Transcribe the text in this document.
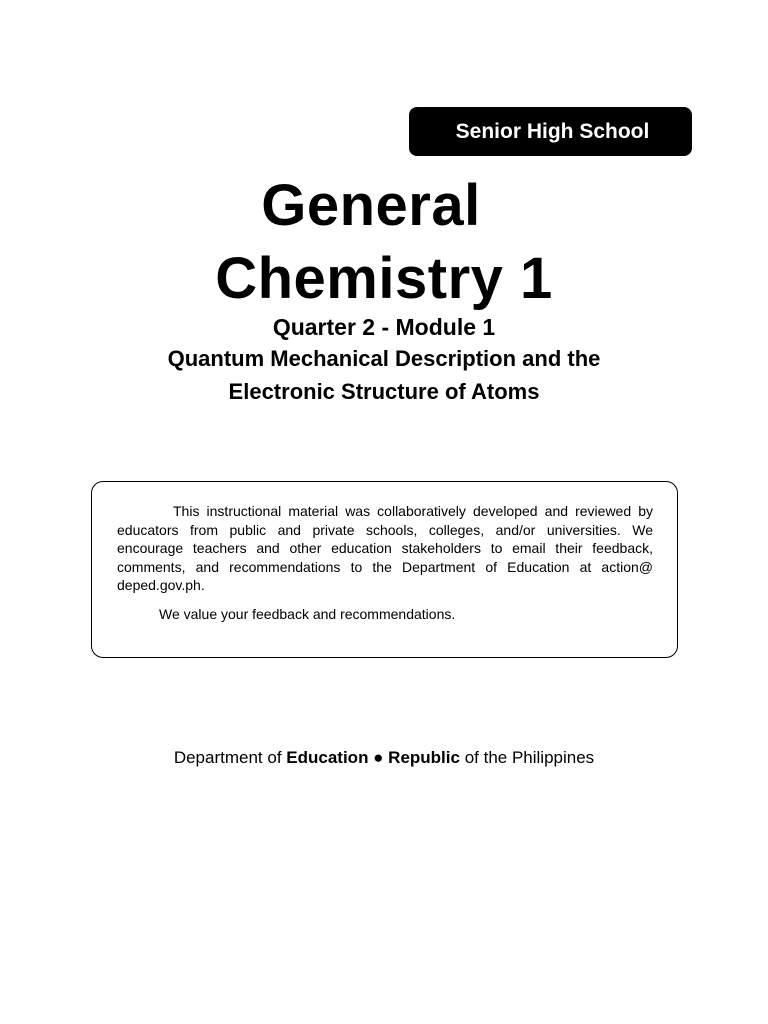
Senior High School
General
Chemistry 1
Quarter 2 - Module 1
Quantum Mechanical Description and the
Electronic Structure of Atoms

This instructional material was collaboratively developed and reviewed by educators from public and private schools, colleges, and/or universities. We encourage teachers and other education stakeholders to email their feedback, comments, and recommendations to the Department of Education at action@ deped.gov.ph.

We value your feedback and recommendations.

Department of Education ● Republic of the Philippines
